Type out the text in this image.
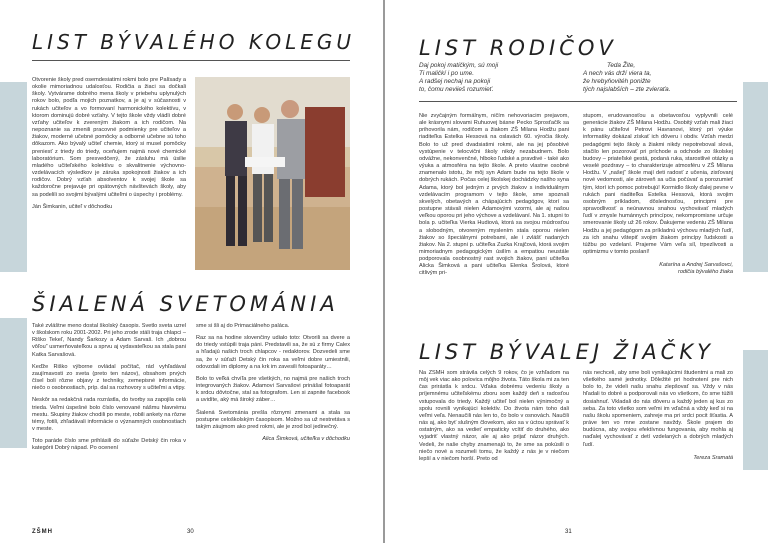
LIST BÝVALÉHO KOLEGU

Otvorenie školy pred osemdesiatimi rokmi bolo pre Palísady a okolie mimoriadnou udalosťou. Rodičia a žiaci sa dočkali školy. Vytvárame dobrého mena školy v priebehu uplynulých rokov bolo, podľa mojich poznatkov, a je aj v súčasnosti v rukách učiteľov a vo formovaní harmonického kolektívu, v ktorom dominujú dobré vzťahy. V tejto škole vždy vládli dobré vzťahy učiteľov k zvereným žiakom a ich rodičom. Na nepoznanie sa zmenili pracovné podmienky pre učiteľov a žiakov, moderné učebné pomôcky a odborné učebne sú toho dôkazom. Ako bývalý učiteľ chemie, ktorý si musel pomôcky preniesť z triedy do triedy, oceňujem najmä nové chemické laboratórium. Som presvedčený, že zásluhu má úsilie mladého učiteľského kolektívu o skvalitnenie výchovno-vzdelávacích výsledkov je záruka spokojnosti žiakov a ich rodičov. Dobrý vzťah absolventov k svojej škole sa každoročne prejavuje pri opätovných návštevách školy, aby sa podelili so svojimi bývalými učiteľmi o úspechy i problémy.

Ján Šimkanin, učiteľ v dôchodku

ŠIALENÁ SVETOMÁNIA

Také zvláštne meno dostal školský časopis. Svetlo sveta uzrel v školskom roku 2001-2002. Pri jeho zrode stáli traja chlapci – Riško Tekeľ, Nandy Šarkozy a Adam Sarvaš. Ich „dobrou vôľou“ usmerňovateľkou a sprvu aj vydavateľkou sa stala pani Katka Sarvašová.

Keďže Riško výborne ovládal počítač, rád vyhľadával zaujímavosti zo sveta (preto ten názov), obsahom prvých čísel boli rôzne objavy z techniky, zemepisné informácie, niečo o osobnostiach, príp. dal sa rozhovory s učiteľmi a vtipy.

Neskôr sa redakčná rada rozrástla, do tvorby sa zapojila celá trieda. Veľmi úspešné bolo číslo venované nášmu hlavnému mestu. Skupiny žiakov chodili po meste, robili ankety na rôzne témy, fotili, zhľadávali informácie o významných osobnostiach v meste.

Toto paráde číslo sme prihlásili do súťaže Detský čin roka v kategórii Dobrý nápad. Po ocenení

sme si šli aj do Primaciálneho paláca.

Raz sa na hodine slovenčiny udialo toto: Otvorili sa dvere a do triedy vstúpili traja páni. Predstavili sa, že sú z firmy Calex a hľadajú našich troch chlapcov - redaktorov. Dozvedeli sme sa, že v súťaži Detský čin roka sa veľmi dobre umiestnili, odovzdali im diplomy a na krk im zavesili fotoaparáty…

Bolo to veľká chvíľa pre všetkých, no najmä pre našich troch integrovaných žiakov. Adamovi Sarvašovi prinášal fotoaparát k srdcu dôvtočne, stal sa fotografom. Len si zapnite facebook a uvidíte, aký má široký záber…

Šialená Svetománia prešla rôznymi zmenami a stala sa postupne celoškolským časopisom. Možno sa už nestretáva s takým záujmom ako pred rokmi, ale je zrod bol jedinečný.

Alica Šimková, učiteľka v dôchodku

ZŠMH	30
LIST RODIČOV
Daj pokoj matičkým, sú moji
Ti maličkí i po ume.
A radšej nechaj na pokoji
to, čomu neviieš rozumieť.
Teda Žite,
A nech vás drží viera ta,
že hrebyňovitéh ponižte
tých najslabších – zte zvieraťa.

Nie zvyčajným formálnym, ničím nehovoriacim prejavom, ale krásnymi slovami Ruhuovej básne Pecko Sprosťačík sa prihovorila nám, rodičom a žiakom ZŠ Milana Hodžu pani riaditeľka Estelka Hessová na oslavách 60. výročia školy. Bolo to už pred dvadsiatimi rokmi, ale na jej pôsobivé vystúpenie v telocvični školy nikdy nezabudnem. Bolo odvážne, nekonvenčné, hlboko ľudské a pravdivé - také ako výuka a atmosféra na tejto škole. A preto vlastne osobné znamenalo istotu, že môj syn Adam bude na tejto škole v dobrých rukách. Počas celej školskej dochádzky našho syna Adama, ktorý bol jedným z prvých žiakov s individuálnym vzdelávacím programom v tejto škole, sme spoznali skvelých, obetavých a chápajúcich pedagógov, ktorí sa postupne stávali nielen Adamovými vzormi, ale aj našou veľkou oporou pri jeho výchove a vzdelávaní. Na 1. stupni to bola p. učiteľka Vierka Hudiová, ktorá sa svojou múdrosťou a slobodným, otvoreným myslením stala oporou nielen žiakov so špeciálnymi potrebami, ale i zvlášť nadaných žiakov. Na 2. stupni p. učiteľka Zuzka Krajčová, ktorá svojim mimoriadnym pedagogickým úsilím a empatiou neustále podporovala osobnostný rast svojich žiakov, pani učiteľka Alicka Šimková a pani učiteľka Elenka Šrolová, ktoré citlivým pri-

stupom, erudovanosťou a obetavosťou vyplyvnili celé generácie žiakov ZŠ Milana Hodžu. Osobitý vzťah mali žiaci k pánu učiteľovi Petrovi Havranovi, ktorý pri výuke informatiky dokázal získať ich dôveru i obdiv. Vzťah medzi pedagógmi tejto školy a žiakmi nikdy nepotreboval slová, stačilo len pozorovať pri príchode a odchode zo školskej budovy – priateľské gestá, podaná ruka, starostlivé otázky a veselé pozdravy – to charakterizuje atmosféru v ZŠ Milana Hodžu. V „našej“ škole mají deti radosť z učenia, zisťovanj nové vedomosti, ale zároveň sa učia počúvať a porozumieť tým, ktorí ich pomoc potrebujú! Kormidlo školy ďalej pevne v rukách pani riaditeľka Estelka Hessová, ktorá svojim osobným príkladom, dôslednosťou, principmi pre spravodlivosť a neúnavnou snahou vychovávať mladých ľudí v zmysle humánnych princípov, nekompromisne určuje smerovanie školy už 26 rokov. Ďakujeme vedeniu ZŠ Milana Hodžu a jej pedagógom za príkladnú výchovu mladých ľudí, za ich snahu vštepiť svojim žiakom princípy ľudskosti a túžbu po vzdelaní. Prajeme Vám veľa síl, trpezlivosti a optimizmu v tomto poslaní!

Katarína a Andrej Sarvašovci,

rodičia bývalého žiaka

LIST BÝVALEJ ŽIAČKY

Na ZŠMH som strávila celých 9 rokov, čo je vzhľadom na môj vek viac ako polovica môjho života. Táto škola mi za ten čas prirástla k srdcu. Vďaka dobrému vedeniu školy a príjemnému učiteľskému zboru som každý deň s radosťou vstupovala do triedy. Každý učiteľ bol nielen výnimočný a spolu rovnili vynikajúci kolektív. Do života nám toho dali veľmi veľa. Nenaučili nás len to, čo bolo v osnovách. Naučili nás aj, ako byť slušným človekom, ako sa v úctou správať k ostatným, ako sa vedieť empaticky vcítiť do druhého, ako vyjadriť vlastný názor, ale aj ako prijať názor druhých. Vedeli, že naše chyby znamenajú to, že sme sa pokúsili o niečo nové a rozumeli tomu, že každý z nás je v niečom lepší a v niečom horší. Preto od

nás nechceli, aby sme boli vynikajúcimi študentmi a mali zo všetkého samé jednotky. Dôležité pri hodnotení pre nich bolo to, že videli našu snahu zlepšovať sa. Vždy v nás hľadali to dobré a podporovali nás vo všetkom, čo sme túžili dosiahnuť. Vkladali do nás dôveru a každý jeden aj kus zo seba. Za toto všetko som veľmi im vďačná a vždy keď si na našu školu spomeniem, zahreje ma pri srdci pocit šťastia. A práve ten vo mne zostane navždy. Škole prajem do budúcna, aby svojou efektívnou fungovania, aby mohla aj naďalej vychovávať z detí vzdelaných a dobrých mladých ľudí.

Tereza Sramatá

31
